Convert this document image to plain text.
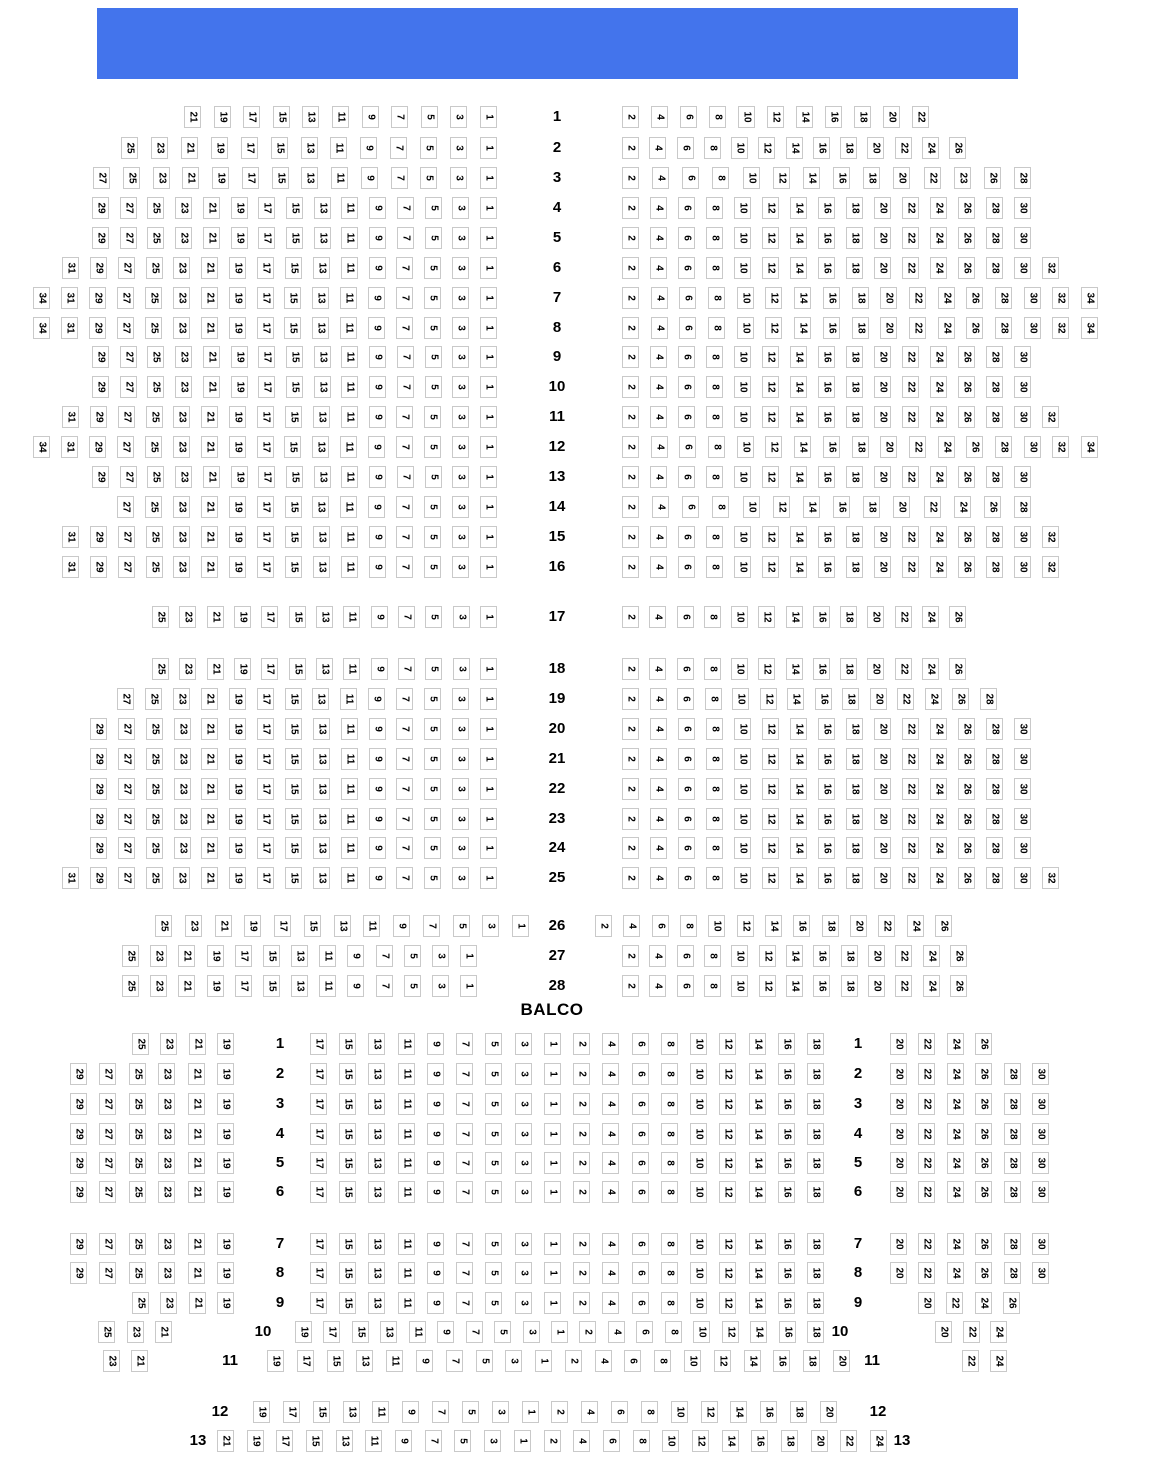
21	19	17	15	13	11	9	7	5	3	1	1	2	4	6	8	10	12	14	16	18	20	22
25	23	21	19	17	15	13	11	9	7	5	3	1	2	2	4	6	8	10	12	14	16	18	20	22	24	26
27	25	23	21	19	17	15	13	11	9	7	5	3	1	3	2	4	6	8	10	12	14	16	18	20	22	23	26	28
29	27	25	23	21	19	17	15	13	11	9	7	5	3	1	4	2	4	6	8	10	12	14	16	18	20	22	24	26	28	30
29	27	25	23	21	19	17	15	13	11	9	7	5	3	1	5	2	4	6	8	10	12	14	16	18	20	22	24	26	28	30
31	29	27	25	23	21	19	17	15	13	11	9	7	5	3	1	6	2	4	6	8	10	12	14	16	18	20	22	24	26	28	30	32
34	31	29	27	25	23	21	19	17	15	13	11	9	7	5	3	1	7	2	4	6	8	10	12	14	16	18	20	22	24	26	28	30	32	34
34	31	29	27	25	23	21	19	17	15	13	11	9	7	5	3	1	8	2	4	6	8	10	12	14	16	18	20	22	24	26	28	30	32	34
29	27	25	23	21	19	17	15	13	11	9	7	5	3	1	9	2	4	6	8	10	12	14	16	18	20	22	24	26	28	30
29	27	25	23	21	19	17	15	13	11	9	7	5	3	1	10	2	4	6	8	10	12	14	16	18	20	22	24	26	28	30
31	29	27	25	23	21	19	17	15	13	11	9	7	5	3	1	11	2	4	6	8	10	12	14	16	18	20	22	24	26	28	30	32
34	31	29	27	25	23	21	19	17	15	13	11	9	7	5	3	1	12	2	4	6	8	10	12	14	16	18	20	22	24	26	28	30	32	34
29	27	25	23	21	19	17	15	13	11	9	7	5	3	1	13	2	4	6	8	10	12	14	16	18	20	22	24	26	28	30
27	25	23	21	19	17	15	13	11	9	7	5	3	1	14	2	4	6	8	10	12	14	16	18	20	22	24	26	28
31	29	27	25	23	21	19	17	15	13	11	9	7	5	3	1	15	2	4	6	8	10	12	14	16	18	20	22	24	26	28	30	32
31	29	27	25	23	21	19	17	15	13	11	9	7	5	3	1	16	2	4	6	8	10	12	14	16	18	20	22	24	26	28	30	32
25	23	21	19	17	15	13	11	9	7	5	3	1	17	2	4	6	8	10	12	14	16	18	20	22	24	26
25	23	21	19	17	15	13	11	9	7	5	3	1	18	2	4	6	8	10	12	14	16	18	20	22	24	26
27	25	23	21	19	17	15	13	11	9	7	5	3	1	19	2	4	6	8	10	12	14	16	18	20	22	24	26	28
29	27	25	23	21	19	17	15	13	11	9	7	5	3	1	20	2	4	6	8	10	12	14	16	18	20	22	24	26	28	30
29	27	25	23	21	19	17	15	13	11	9	7	5	3	1	21	2	4	6	8	10	12	14	16	18	20	22	24	26	28	30
29	27	25	23	21	19	17	15	13	11	9	7	5	3	1	22	2	4	6	8	10	12	14	16	18	20	22	24	26	28	30
29	27	25	23	21	19	17	15	13	11	9	7	5	3	1	23	2	4	6	8	10	12	14	16	18	20	22	24	26	28	30
29	27	25	23	21	19	17	15	13	11	9	7	5	3	1	24	2	4	6	8	10	12	14	16	18	20	22	24	26	28	30
31	29	27	25	23	21	19	17	15	13	11	9	7	5	3	1	25	2	4	6	8	10	12	14	16	18	20	22	24	26	28	30	32
25	23	21	19	17	15	13	11	9	7	5	3	1 26	2	4	6	8	10	12	14	16	18	20	22	24	26
25	23	21	19	17	15	13	11	9	7	5	3	1	27	2	4	6	8	10	12	14	16	18	20	22	24	26
25	23	21	19	17	15	13	11	9	7	5	3	1	28	2	4	6	8	10	12	14	16	18	20	22	24	26
25	23	21	19	1	17	15	13	11	9	7	5	3	1	2	4	6	8	10	12	14	16	18 1	20	22	24	26
29	27	25	23	21	19	2	17	15	13	11	9	7	5	3	1	2	4	6	8	10	12	14	16	18 2	20	22	24	26	28	30
29	27	25	23	21	19	3	17	15	13	11	9	7	5	3	1	2	4	6	8	10	12	14	16	18 3	20	22	24	26	28	30
29	27	25	23	21	19	4	17	15	13	11	9	7	5	3	1	2	4	6	8	10	12	14	16	18 4	20	22	24	26	28	30
29	27	25	23	21	19	5	17	15	13	11	9	7	5	3	1	2	4	6	8	10	12	14	16	18 5	20	22	24	26	28	30
29	27	25	23	21	19	6	17	15	13	11	9	7	5	3	1	2	4	6	8	10	12	14	16	18 6	20	22	24	26	28	30
29	27	25	23	21	19	7	17	15	13	11	9	7	5	3	1	2	4	6	8	10	12	14	16	18 7	20	22	24	26	28	30
29	27	25	23	21	19	8	17	15	13	11	9	7	5	3	1	2	4	6	8	10	12	14	16	18 8	20	22	24	26	28	30
25	23	21	19	9	17	15	13	11	9	7	5	3	1	2	4	6	8	10	12	14	16	18 9	20	22	24	26
25	23	21	10	19	17	15	13	11	9	7	5	3	1	2	4	6	8	10	12	14	16	18 10	20	22	24
23	21	11	19	17	15	13	11	9	7	5	3	1	2	4	6	8	10	12	14	16	18	20 11	22	24
12	19	17	15	13	11	9	7	5	3	1	2	4	6	8	10	12	14	16	18	20 12
13	21	19	17	15	13	11	9	7	5	3	1	2	4	6	8	10	12	14	16	18	20	22	24 13
BALCO
